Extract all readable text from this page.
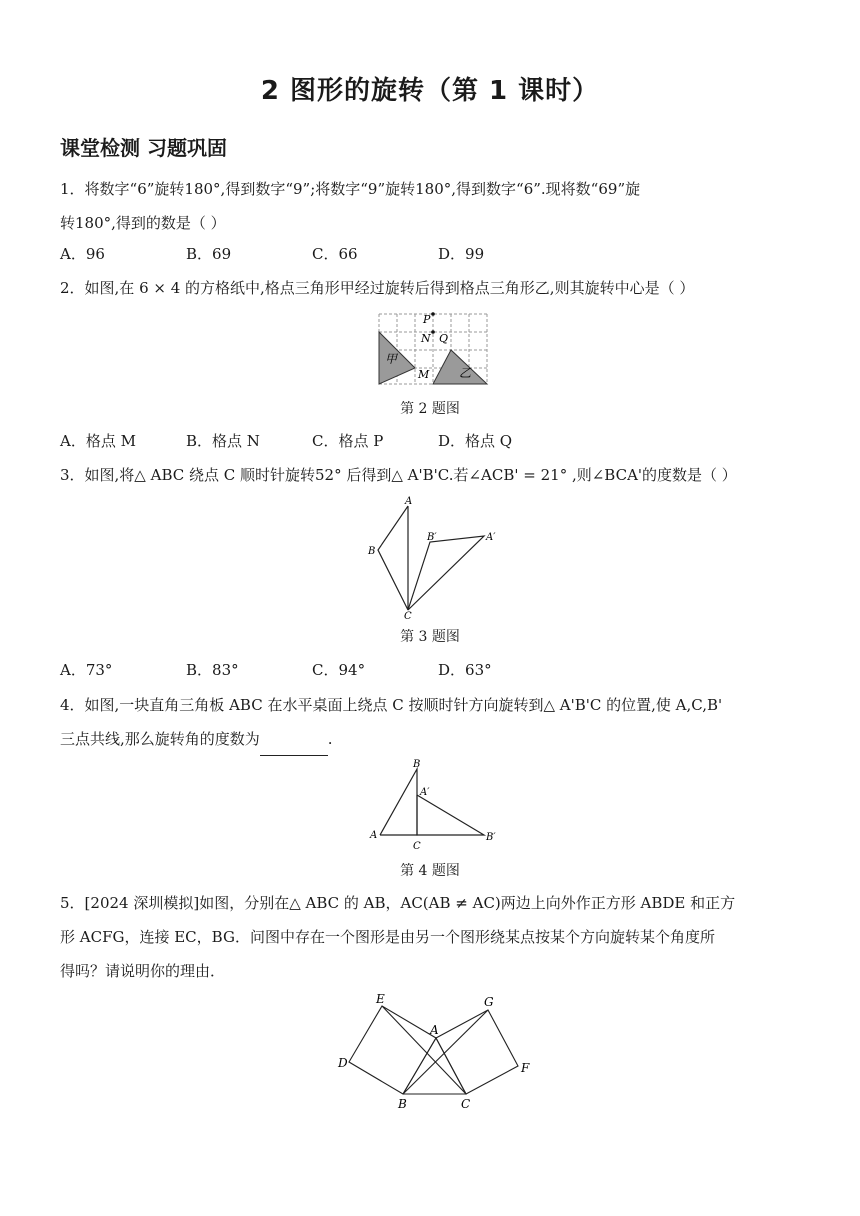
2 图形的旋转（第 1 课时）
课堂检测 习题巩固

1．将数字“6”旋转180°,得到数字“9”;将数字“9”旋转180°,得到数字“6”.现将数“69”旋
转180°,得到的数是（ ）

A．96	B．69	C．66	D．99

2．如图,在 6 × 4 的方格纸中,格点三角形甲经过旋转后得到格点三角形乙,则其旋转中心是（ ）

甲
乙
P
N Q
M
第 2 题图
A．格点 M	B．格点 N	C．格点 P	D．格点 Q

3．如图,将△ ABC 绕点 C 顺时针旋转52° 后得到△ A'B'C.若∠ACB' = 21° ,则∠BCA'的度数是（ ）

A
B
B′	A′
C
第 3 题图
A．73°	B．83°	C．94°	D．63°

4．如图,一块直角三角板 ABC 在水平桌面上绕点 C 按顺时针方向旋转到△ A'B'C 的位置,使 A,C,B'
三点共线,那么旋转角的度数为	.

B
A′
A
C
B′
第 4 题图

5．[2024 深圳模拟]如图，分别在△ ABC 的 AB，AC(AB ≠ AC)两边上向外作正方形 ABDE 和正方
形 ACFG，连接 EC，BG．问图中存在一个图形是由另一个图形绕某点按某个方向旋转某个角度所
得吗？请说明你的理由．

E	G
A
D	F
B	C
